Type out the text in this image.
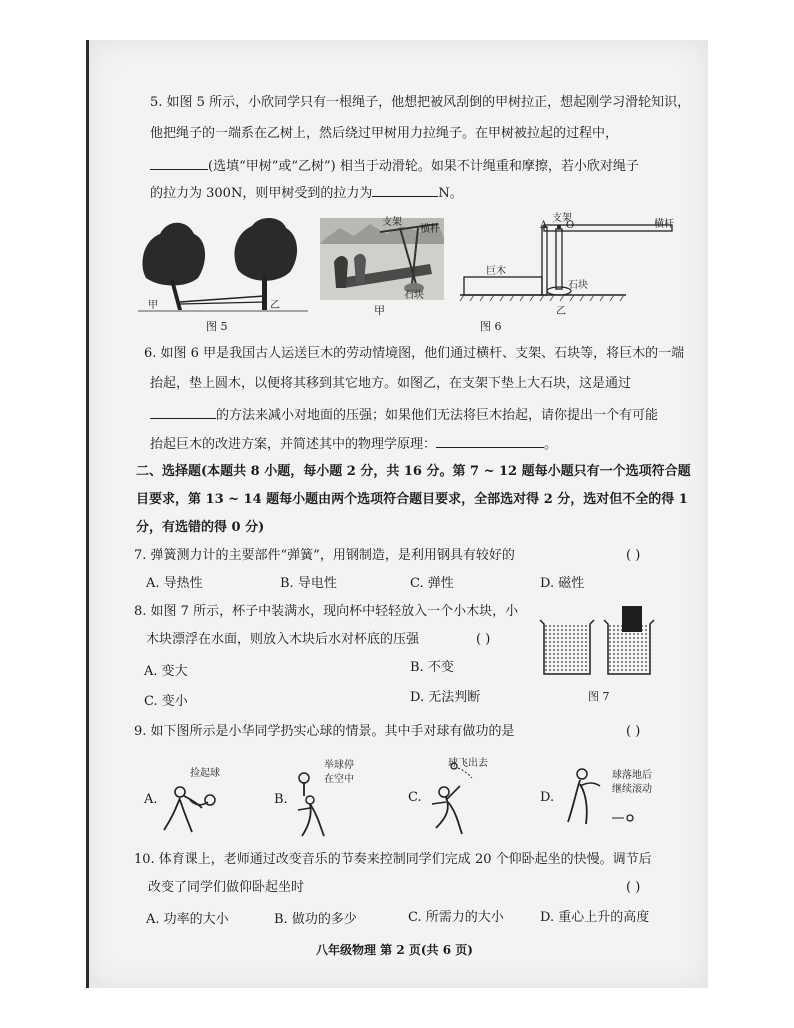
5. 如图 5 所示，小欣同学只有一根绳子，他想把被风刮倒的甲树拉正，想起刚学习滑轮知识，
他把绳子的一端系在乙树上，然后绕过甲树用力拉绳子。在甲树被拉起的过程中，
(选填“甲树”或“乙树”) 相当于动滑轮。如果不计绳重和摩擦，若小欣对绳子
的拉力为 300N，则甲树受到的拉力为	N。
甲	乙
图 5
支架
横杆
石块
甲
支架
A O	横杆
巨木
石块
乙
图 6
6. 如图 6 甲是我国古人运送巨木的劳动情境图，他们通过横杆、支架、石块等，将巨木的一端
抬起，垫上圆木，以便将其移到其它地方。如图乙，在支架下垫上大石块，这是通过
的方法来减小对地面的压强；如果他们无法将巨木抬起，请你提出一个有可能
抬起巨木的改进方案，并简述其中的物理学原理：	。
二、选择题(本题共 8 小题，每小题 2 分，共 16 分。第 7 ~ 12 题每小题只有一个选项符合题
目要求，第 13 ~ 14 题每小题由两个选项符合题目要求，全部选对得 2 分，选对但不全的得 1
分，有选错的得 0 分)
7. 弹簧测力计的主要部件“弹簧”，用钢制造，是利用钢具有较好的	( )
A. 导热性	B. 导电性	C. 弹性	D. 磁性
8. 如图 7 所示，杯子中装满水，现向杯中轻轻放入一个小木块，小
木块漂浮在水面，则放入木块后水对杯底的压强	( )
A. 变大	B. 不变
C. 变小	D. 无法判断	图 7
9. 如下图所示是小华同学扔实心球的情景。其中手对球有做功的是	( )
捡起球
举球停
在空中
球飞出去
球落地后
继续滚动
A.	B.	C.	D.
10. 体育课上，老师通过改变音乐的节奏来控制同学们完成 20 个仰卧起坐的快慢。调节后
改变了同学们做仰卧起坐时	( )
A. 功率的大小	B. 做功的多少	C. 所需力的大小	D. 重心上升的高度
八年级物理 第 2 页(共 6 页)
